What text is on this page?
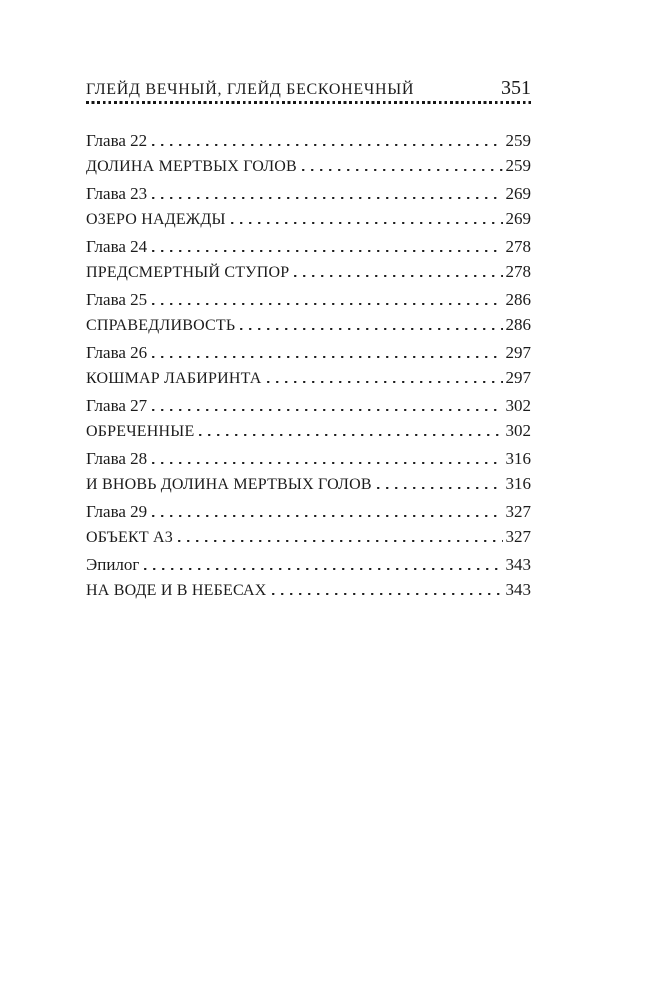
ГЛЕЙД ВЕЧНЫЙ, ГЛЕЙД БЕСКОНЕЧНЫЙ	351
Глава 22	259
ДОЛИНА МЕРТВЫХ ГОЛОВ	259
Глава 23	269
ОЗЕРО НАДЕЖДЫ	269
Глава 24	278
ПРЕДСМЕРТНЫЙ СТУПОР	278
Глава 25	286
СПРАВЕДЛИВОСТЬ	286
Глава 26	297
КОШМАР ЛАБИРИНТА	297
Глава 27	302
ОБРЕЧЕННЫЕ	302
Глава 28	316
И ВНОВЬ ДОЛИНА МЕРТВЫХ ГОЛОВ	316
Глава 29	327
ОБЪЕКТ А3	327
Эпилог	343
НА ВОДЕ И В НЕБЕСАХ	343
